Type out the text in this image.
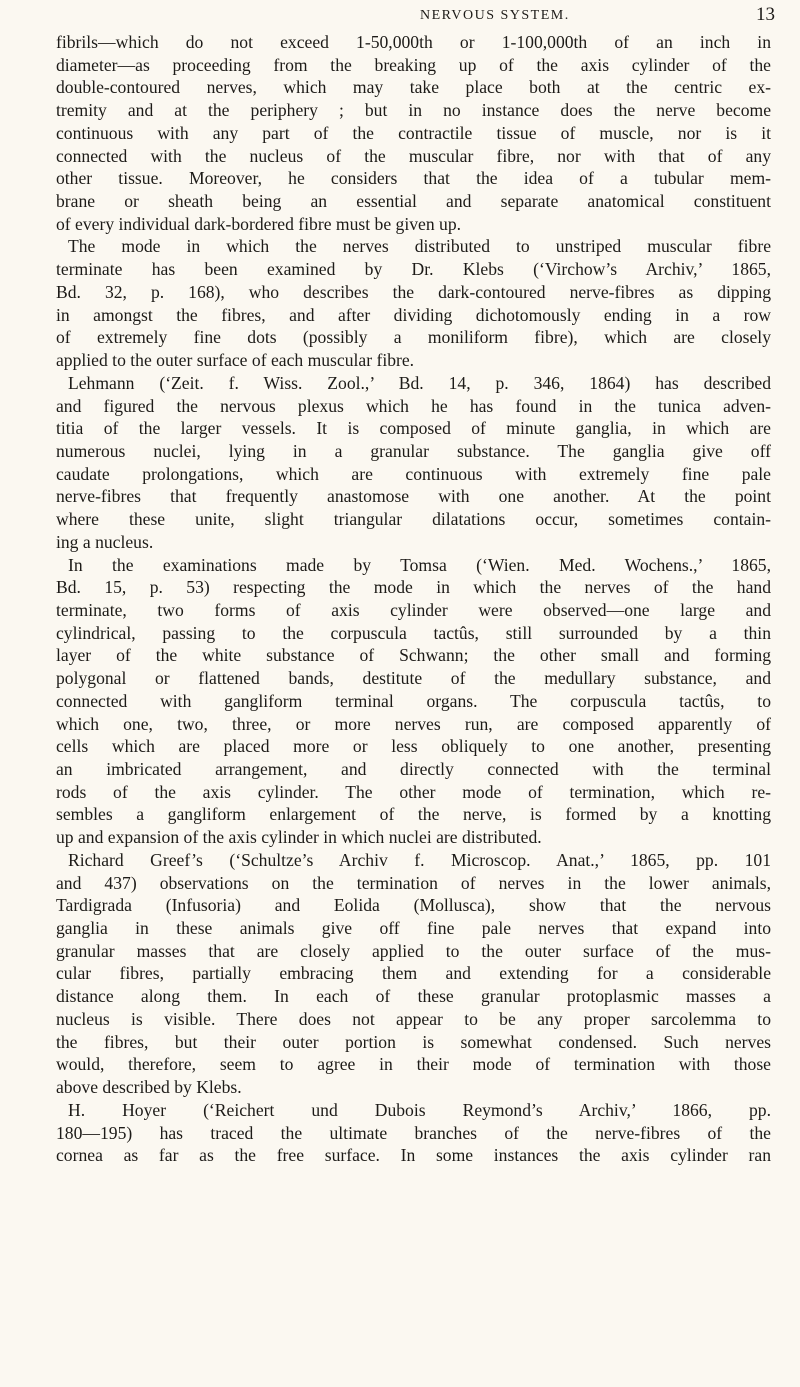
NERVOUS SYSTEM.	13
fibrils—which do not exceed 1-50,000th or 1-100,000th of an inch in
diameter—as proceeding from the breaking up of the axis cylinder of the
double-contoured nerves, which may take place both at the centric ex-
tremity and at the periphery ; but in no instance does the nerve become
continuous with any part of the contractile tissue of muscle, nor is it
connected with the nucleus of the muscular fibre, nor with that of any
other tissue. Moreover, he considers that the idea of a tubular mem-
brane or sheath being an essential and separate anatomical constituent
of every individual dark-bordered fibre must be given up.
The mode in which the nerves distributed to unstriped muscular fibre
terminate has been examined by Dr. Klebs (‘Virchow’s Archiv,’ 1865,
Bd. 32, p. 168), who describes the dark-contoured nerve-fibres as dipping
in amongst the fibres, and after dividing dichotomously ending in a row
of extremely fine dots (possibly a moniliform fibre), which are closely
applied to the outer surface of each muscular fibre.
Lehmann (‘Zeit. f. Wiss. Zool.,’ Bd. 14, p. 346, 1864) has described
and figured the nervous plexus which he has found in the tunica adven-
titia of the larger vessels. It is composed of minute ganglia, in which are
numerous nuclei, lying in a granular substance. The ganglia give off
caudate prolongations, which are continuous with extremely fine pale
nerve-fibres that frequently anastomose with one another. At the point
where these unite, slight triangular dilatations occur, sometimes contain-
ing a nucleus.
In the examinations made by Tomsa (‘Wien. Med. Wochens.,’ 1865,
Bd. 15, p. 53) respecting the mode in which the nerves of the hand
terminate, two forms of axis cylinder were observed—one large and
cylindrical, passing to the corpuscula tactûs, still surrounded by a thin
layer of the white substance of Schwann; the other small and forming
polygonal or flattened bands, destitute of the medullary substance, and
connected with gangliform terminal organs. The corpuscula tactûs, to
which one, two, three, or more nerves run, are composed apparently of
cells which are placed more or less obliquely to one another, presenting
an imbricated arrangement, and directly connected with the terminal
rods of the axis cylinder. The other mode of termination, which re-
sembles a gangliform enlargement of the nerve, is formed by a knotting
up and expansion of the axis cylinder in which nuclei are distributed.
Richard Greef’s (‘Schultze’s Archiv f. Microscop. Anat.,’ 1865, pp. 101
and 437) observations on the termination of nerves in the lower animals,
Tardigrada (Infusoria) and Eolida (Mollusca), show that the nervous
ganglia in these animals give off fine pale nerves that expand into
granular masses that are closely applied to the outer surface of the mus-
cular fibres, partially embracing them and extending for a considerable
distance along them. In each of these granular protoplasmic masses a
nucleus is visible. There does not appear to be any proper sarcolemma to
the fibres, but their outer portion is somewhat condensed. Such nerves
would, therefore, seem to agree in their mode of termination with those
above described by Klebs.
H. Hoyer (‘Reichert und Dubois Reymond’s Archiv,’ 1866, pp.
180—195) has traced the ultimate branches of the nerve-fibres of the
cornea as far as the free surface. In some instances the axis cylinder ran
